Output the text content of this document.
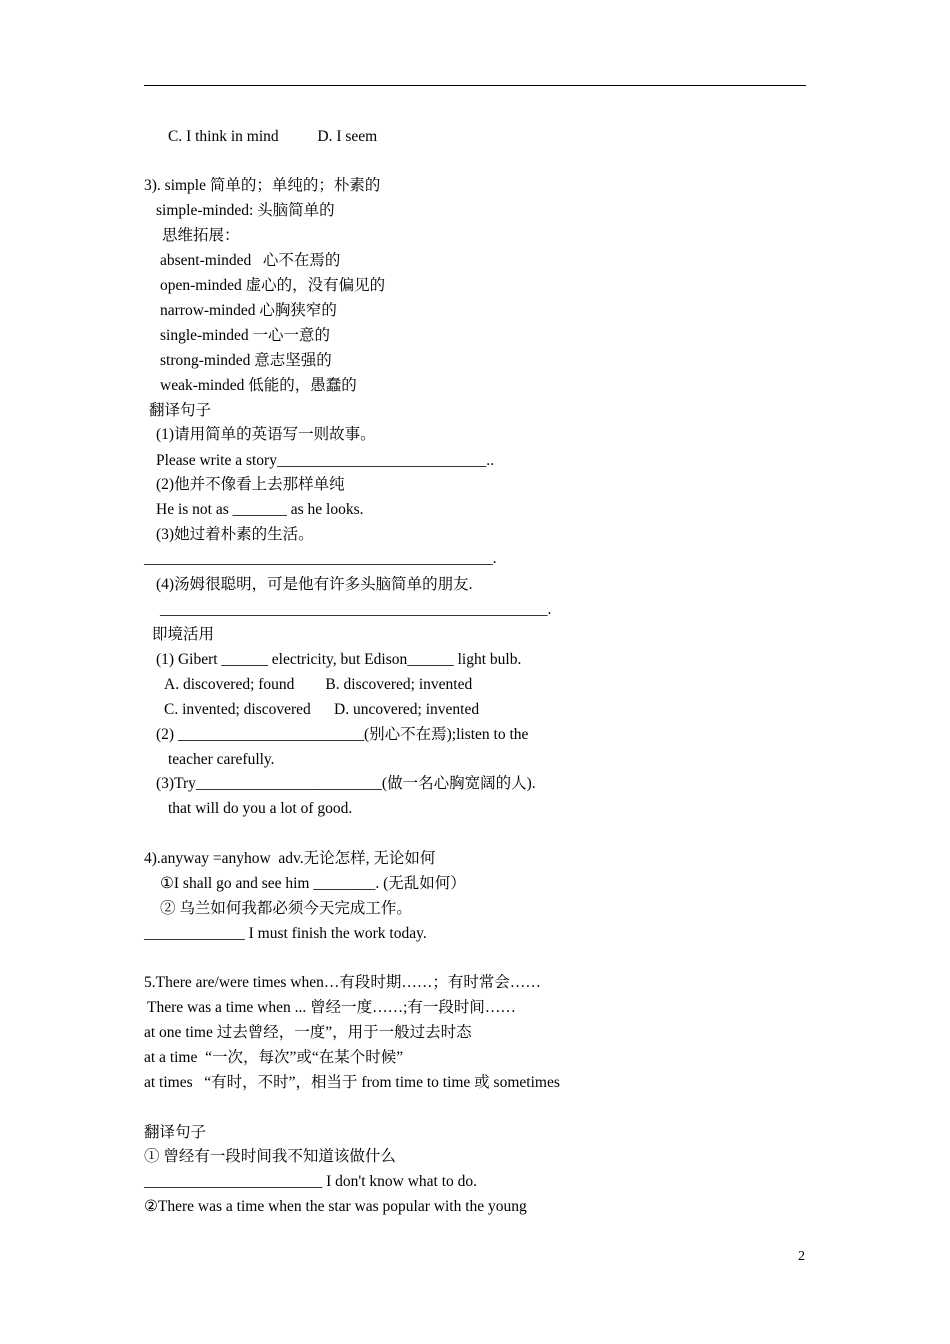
C. I think in mind          D. I seem
3). simple 简单的；单纯的；朴素的
simple-minded: 头脑简单的
思维拓展：
absent-minded   心不在焉的
open-minded 虚心的，没有偏见的
narrow-minded 心胸狭窄的
single-minded 一心一意的
strong-minded 意志坚强的
weak-minded 低能的，愚蠢的
翻译句子
(1)请用简单的英语写一则故事。
Please write a story___________________________..
(2)他并不像看上去那样单纯
He is not as _______ as he looks.
(3)她过着朴素的生活。
_____________________________________________.
(4)汤姆很聪明，可是他有许多头脑简单的朋友.
__________________________________________________.
即境活用
(1) Gibert ______ electricity, but Edison______ light bulb.
A. discovered; found        B. discovered; invented
C. invented; discovered      D. uncovered; invented
(2) ________________________(别心不在焉);listen to the
teacher carefully.
(3)Try________________________(做一名心胸宽阔的人).
that will do you a lot of good.
4).anyway =anyhow  adv.无论怎样, 无论如何
①I shall go and see him ________. (无乱如何）
② 乌兰如何我都必须今天完成工作。
_____________ I must finish the work today.
5.There are/were times when…有段时期……；有时常会……
There was a time when ... 曾经一度……;有一段时间……
at one time 过去曾经，一度”，用于一般过去时态
at a time  “一次，每次”或“在某个时候”
at times   “有时，不时”，相当于 from time to time 或 sometimes
翻译句子
① 曾经有一段时间我不知道该做什么
_______________________ I don't know what to do.
②There was a time when the star was popular with the young
2
